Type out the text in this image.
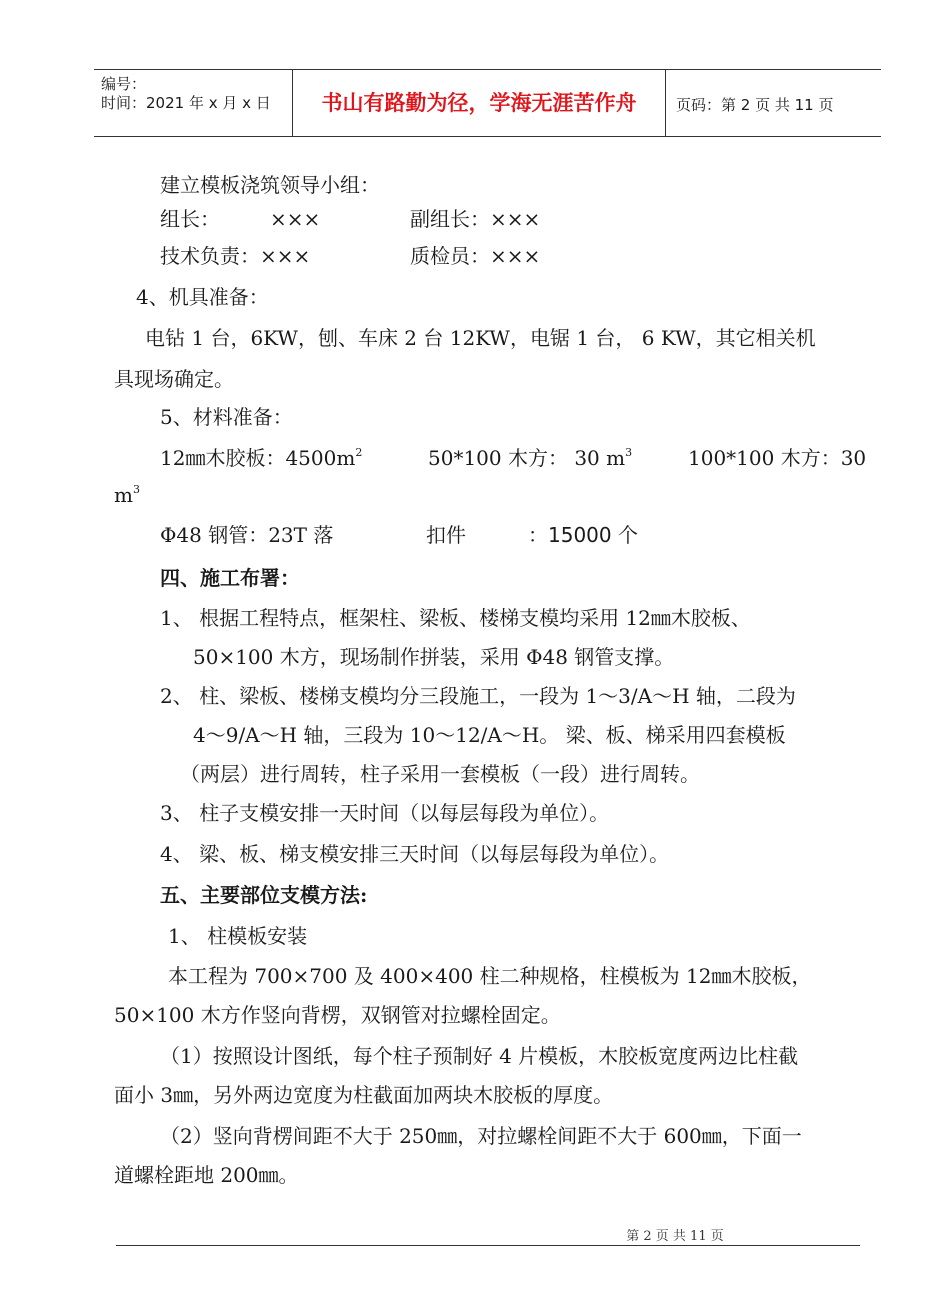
编号：
时间：2021 年 x 月 x 日	书山有路勤为径，学海无涯苦作舟	页码：第 2 页 共 11 页
建立模板浇筑领导小组：
组长：	×××	副组长：×××
技术负责：×××	质检员：×××
4、机具准备：
电钻 1 台，6KW，刨、车床 2 台 12KW，电锯 1 台， 6 KW，其它相关机
具现场确定。
5、材料准备：
12㎜木胶板：$4500m^2$	50*100 木方： 30 $m^3$	100*100 木方：30
$m^3$
Φ48 钢管：23T 落	扣件	：15000 个
四、施工布署：
1、 根据工程特点，框架柱、梁板、楼梯支模均采用 12㎜木胶板、
50×100 木方，现场制作拼装，采用 Φ48 钢管支撑。
2、 柱、梁板、楼梯支模均分三段施工，一段为 1～3/A～H 轴，二段为
4～9/A～H 轴，三段为 10～12/A～H。 梁、板、梯采用四套模板
（两层）进行周转，柱子采用一套模板（一段）进行周转。
3、 柱子支模安排一天时间（以每层每段为单位）。
4、 梁、板、梯支模安排三天时间（以每层每段为单位）。
五、主要部位支模方法:
1、 柱模板安装
本工程为 700×700 及 400×400 柱二种规格，柱模板为 12㎜木胶板，
50×100 木方作竖向背楞，双钢管对拉螺栓固定。
（1）按照设计图纸，每个柱子预制好 4 片模板，木胶板宽度两边比柱截
面小 3㎜，另外两边宽度为柱截面加两块木胶板的厚度。
（2）竖向背楞间距不大于 250㎜，对拉螺栓间距不大于 600㎜，下面一
道螺栓距地 200㎜。
第 2 页 共 11 页
